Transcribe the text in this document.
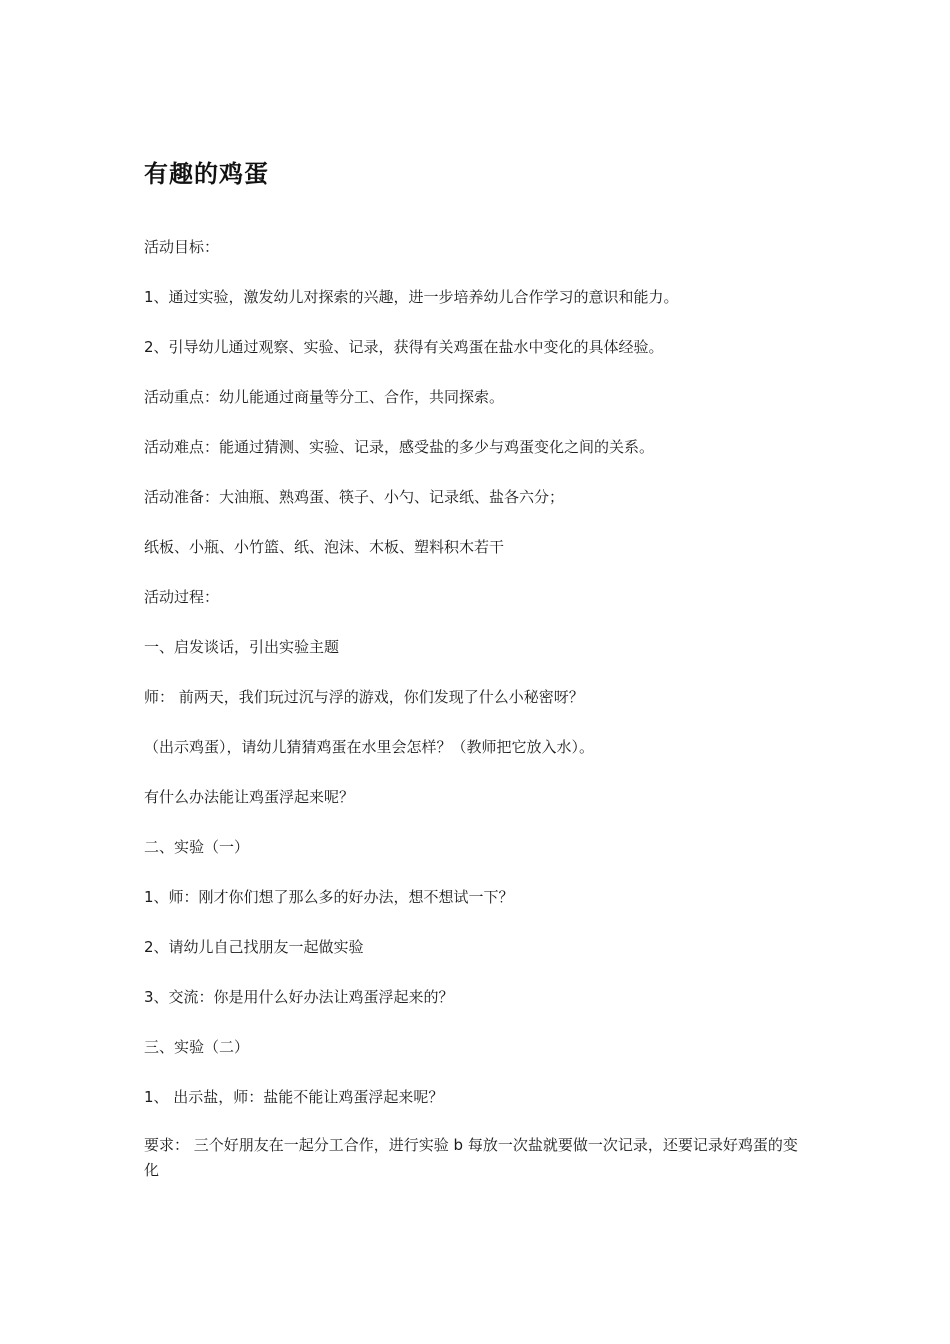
有趣的鸡蛋

活动目标：

1、通过实验，激发幼儿对探索的兴趣，进一步培养幼儿合作学习的意识和能力。

2、引导幼儿通过观察、实验、记录，获得有关鸡蛋在盐水中变化的具体经验。

活动重点：幼儿能通过商量等分工、合作，共同探索。

活动难点：能通过猜测、实验、记录，感受盐的多少与鸡蛋变化之间的关系。

活动准备：大油瓶、熟鸡蛋、筷子、小勺、记录纸、盐各六分；

纸板、小瓶、小竹篮、纸、泡沫、木板、塑料积木若干

活动过程：

一、启发谈话，引出实验主题

师： 前两天，我们玩过沉与浮的游戏，你们发现了什么小秘密呀？

（出示鸡蛋），请幼儿猜猜鸡蛋在水里会怎样？（教师把它放入水）。

有什么办法能让鸡蛋浮起来呢？

二、实验（一）

1、师：刚才你们想了那么多的好办法，想不想试一下？

2、请幼儿自己找朋友一起做实验

3、交流：你是用什么好办法让鸡蛋浮起来的？

三、实验（二）

1、 出示盐，师：盐能不能让鸡蛋浮起来呢？

要求： 三个好朋友在一起分工合作，进行实验 b 每放一次盐就要做一次记录，还要记录好鸡蛋的变化
